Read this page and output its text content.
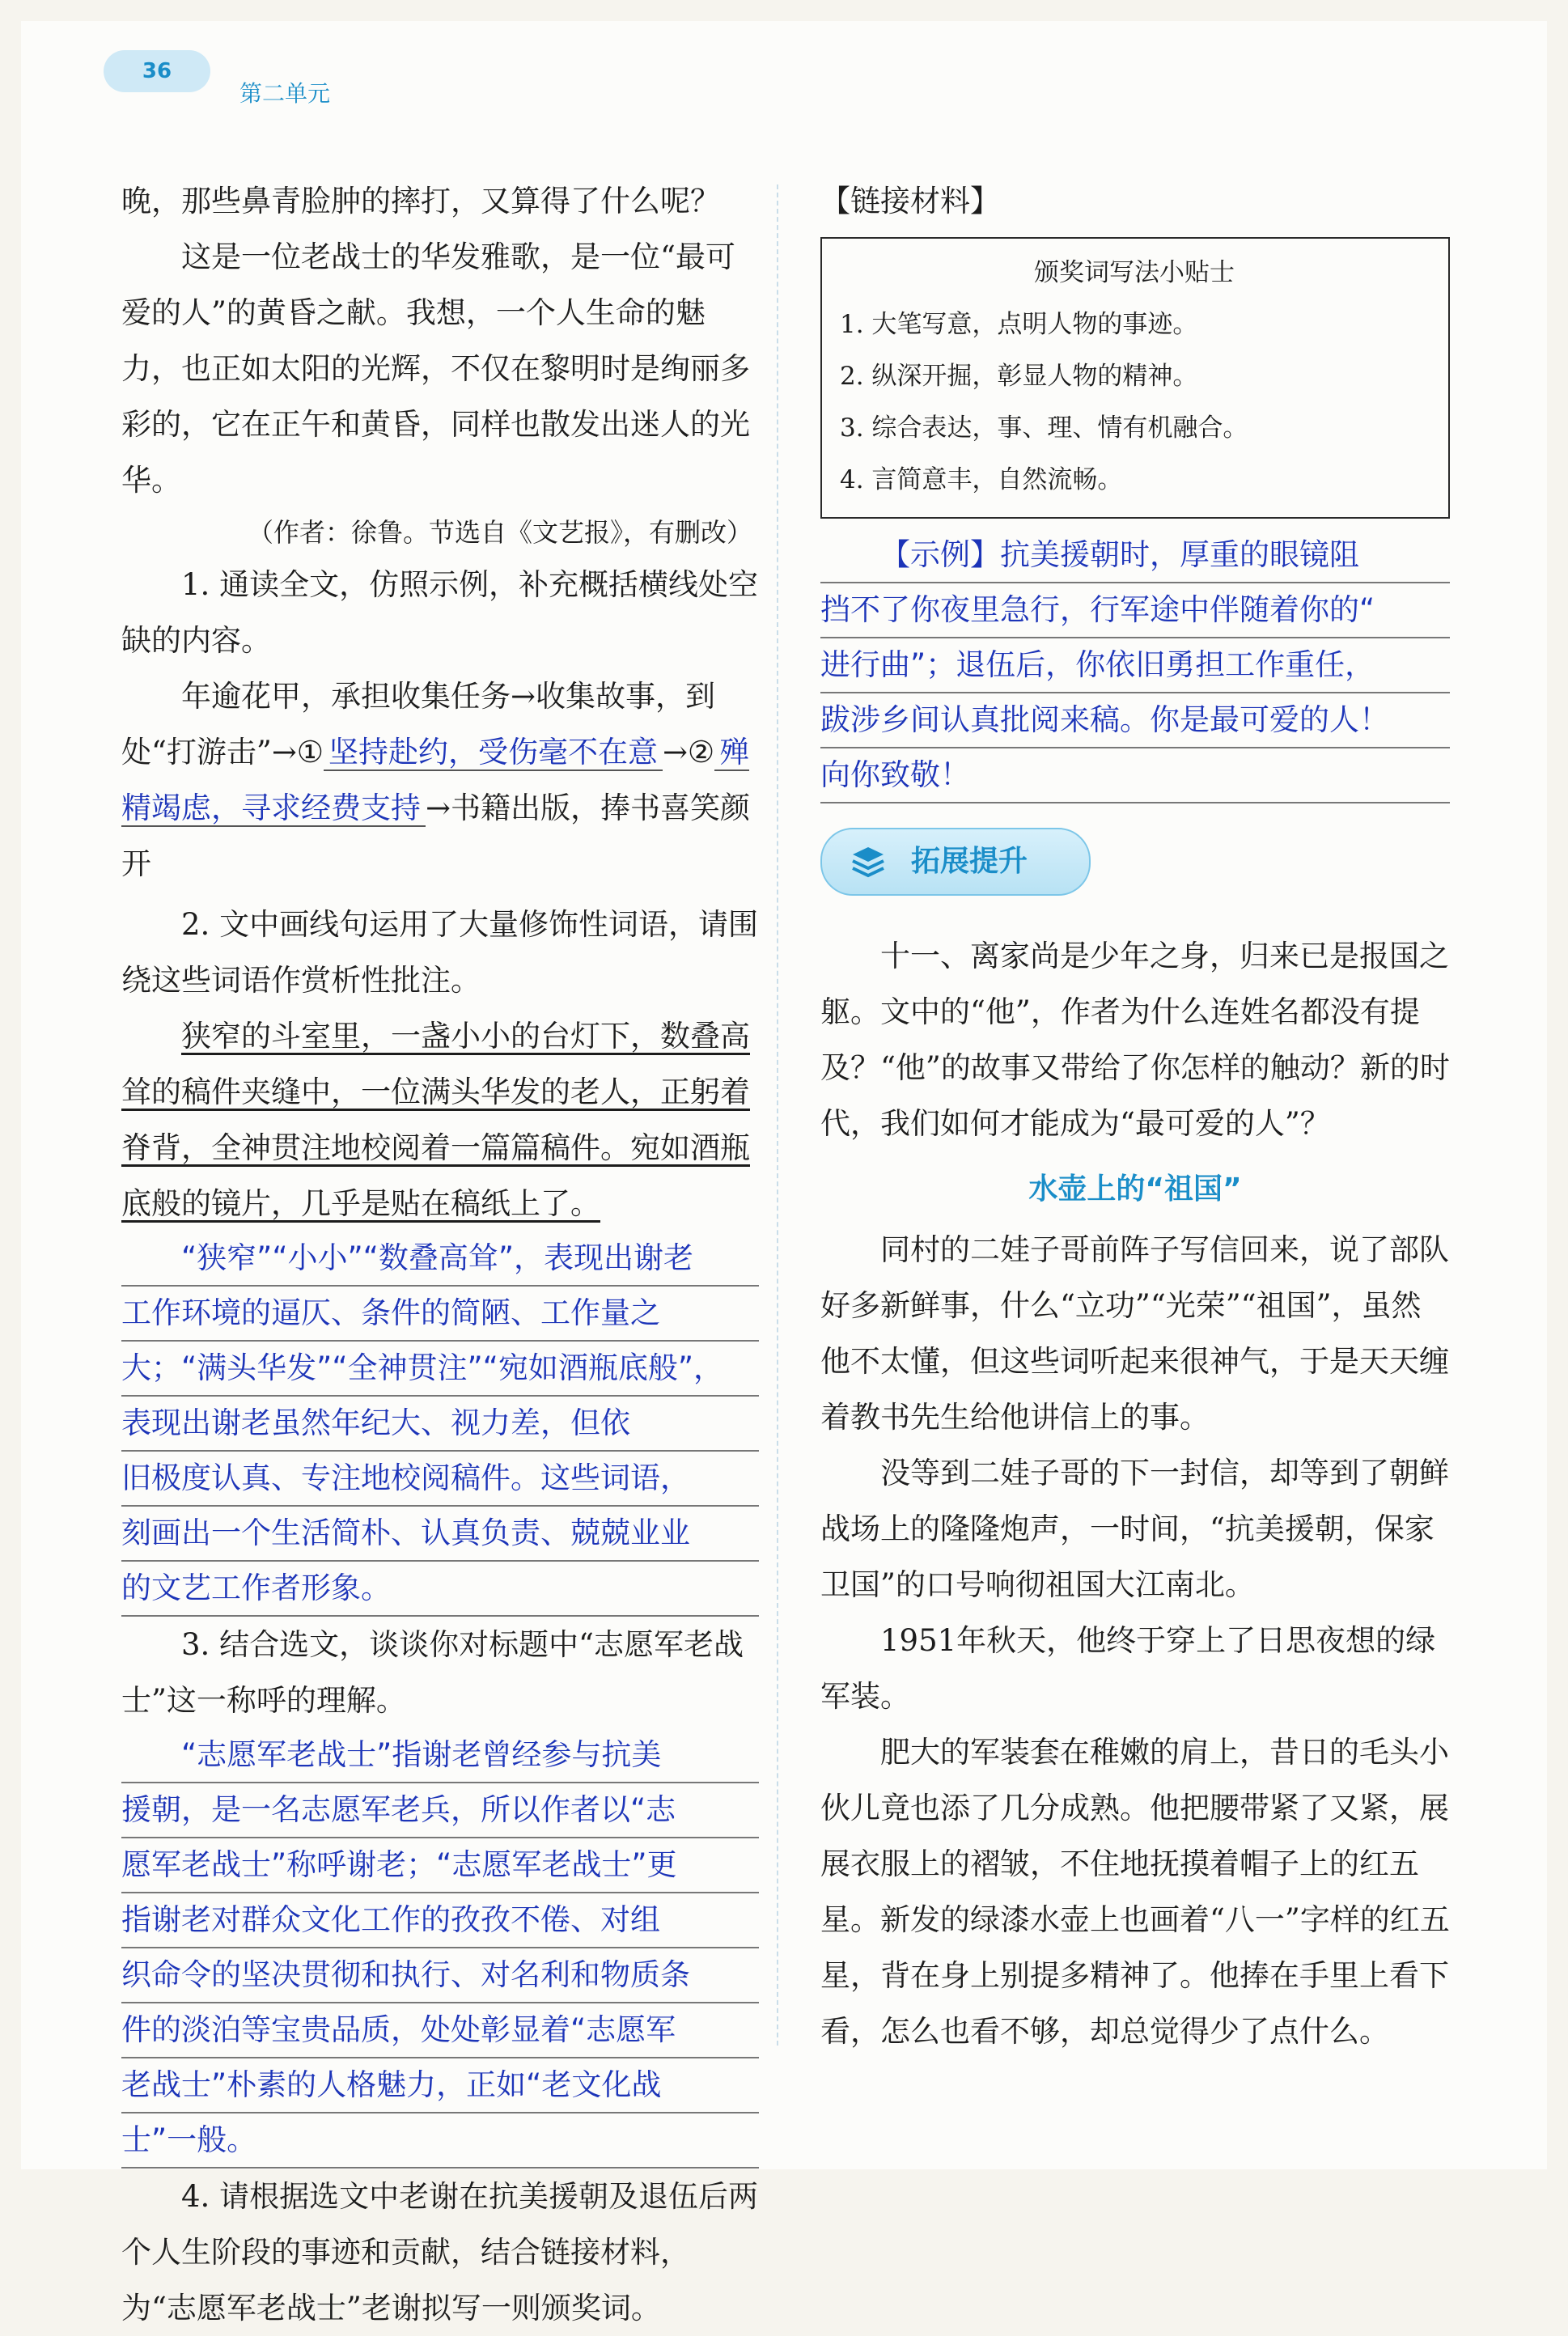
36
第二单元

晚，那些鼻青脸肿的摔打，又算得了什么呢？

这是一位老战士的华发雅歌，是一位“最可爱的人”的黄昏之献。我想，一个人生命的魅力，也正如太阳的光辉，不仅在黎明时是绚丽多彩的，它在正午和黄昏，同样也散发出迷人的光华。

（作者：徐鲁。节选自《文艺报》，有删改）

1. 通读全文，仿照示例，补充概括横线处空缺的内容。

年逾花甲，承担收集任务→收集故事，到处“打游击”→① 坚持赴约，受伤毫不在意 →② 殚精竭虑，寻求经费支持 →书籍出版，捧书喜笑颜开

2. 文中画线句运用了大量修饰性词语，请围绕这些词语作赏析性批注。

狭窄的斗室里，一盏小小的台灯下，数叠高耸的稿件夹缝中，一位满头华发的老人，正躬着脊背，全神贯注地校阅着一篇篇稿件。宛如酒瓶底般的镜片，几乎是贴在稿纸上了。

“狭窄”“小小”“数叠高耸”，表现出谢老
工作环境的逼仄、条件的简陋、工作量之
大；“满头华发”“全神贯注”“宛如酒瓶底般”，
表现出谢老虽然年纪大、视力差，但依
旧极度认真、专注地校阅稿件。这些词语，
刻画出一个生活简朴、认真负责、兢兢业业
的文艺工作者形象。

3. 结合选文，谈谈你对标题中“志愿军老战士”这一称呼的理解。

“志愿军老战士”指谢老曾经参与抗美
援朝，是一名志愿军老兵，所以作者以“志
愿军老战士”称呼谢老；“志愿军老战士”更
指谢老对群众文化工作的孜孜不倦、对组
织命令的坚决贯彻和执行、对名利和物质条
件的淡泊等宝贵品质，处处彰显着“志愿军
老战士”朴素的人格魅力，正如“老文化战
士”一般。

4. 请根据选文中老谢在抗美援朝及退伍后两个人生阶段的事迹和贡献，结合链接材料，为“志愿军老战士”老谢拟写一则颁奖词。

【链接材料】
颁奖词写法小贴士
1. 大笔写意，点明人物的事迹。
2. 纵深开掘，彰显人物的精神。
3. 综合表达，事、理、情有机融合。
4. 言简意丰，自然流畅。
【示例】抗美援朝时，厚重的眼镜阻
挡不了你夜里急行，行军途中伴随着你的“
进行曲”；退伍后，你依旧勇担工作重任，
跋涉乡间认真批阅来稿。你是最可爱的人！
向你致敬！
拓展提升

十一、离家尚是少年之身，归来已是报国之躯。文中的“他”，作者为什么连姓名都没有提及？“他”的故事又带给了你怎样的触动？新的时代，我们如何才能成为“最可爱的人”？

水壶上的“祖国”

同村的二娃子哥前阵子写信回来，说了部队好多新鲜事，什么“立功”“光荣”“祖国”，虽然他不太懂，但这些词听起来很神气，于是天天缠着教书先生给他讲信上的事。

没等到二娃子哥的下一封信，却等到了朝鲜战场上的隆隆炮声，一时间，“抗美援朝，保家卫国”的口号响彻祖国大江南北。

1951年秋天，他终于穿上了日思夜想的绿军装。

肥大的军装套在稚嫩的肩上，昔日的毛头小伙儿竟也添了几分成熟。他把腰带紧了又紧，展展衣服上的褶皱，不住地抚摸着帽子上的红五星。新发的绿漆水壶上也画着“八一”字样的红五星，背在身上别提多精神了。他捧在手里上看下看，怎么也看不够，却总觉得少了点什么。
